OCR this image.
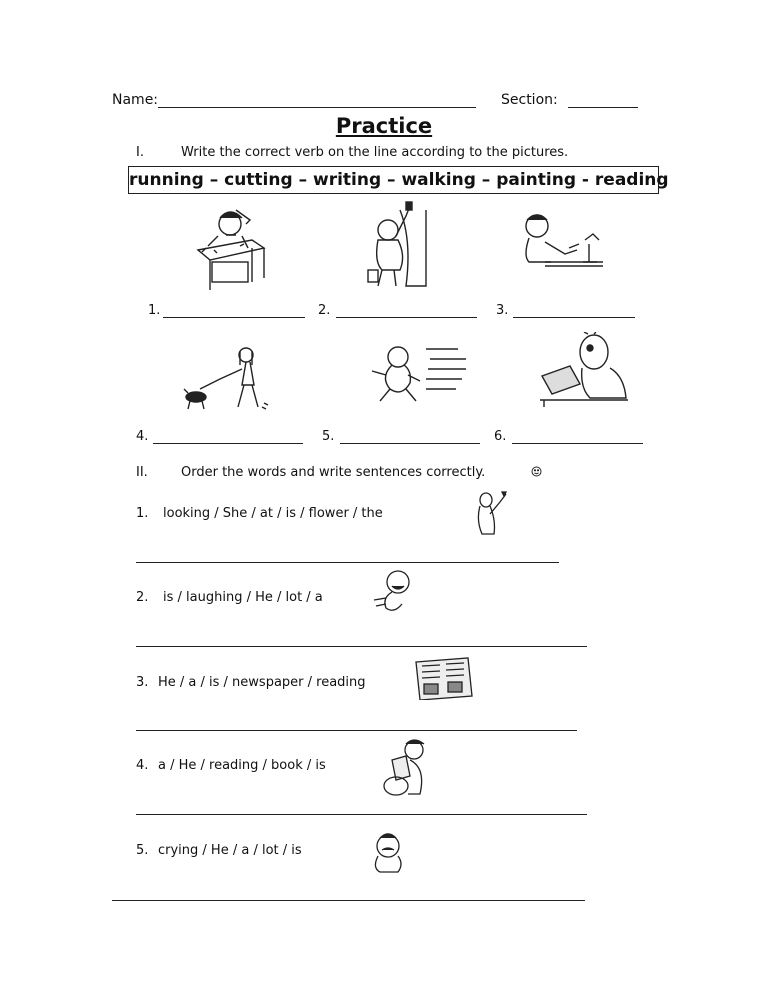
Name:	Section:
Practice
I.	Write the correct verb on the line according to the pictures.
running – cutting – writing – walking – painting - reading
1.	2.	3.
4.	5.	6.
II.	Order the words and write sentences correctly.
1. looking / She / at / is / flower / the
2. is / laughing / He / lot / a
3. He / a / is / newspaper / reading
4. a / He / reading / book / is
5. crying / He / a / lot / is
